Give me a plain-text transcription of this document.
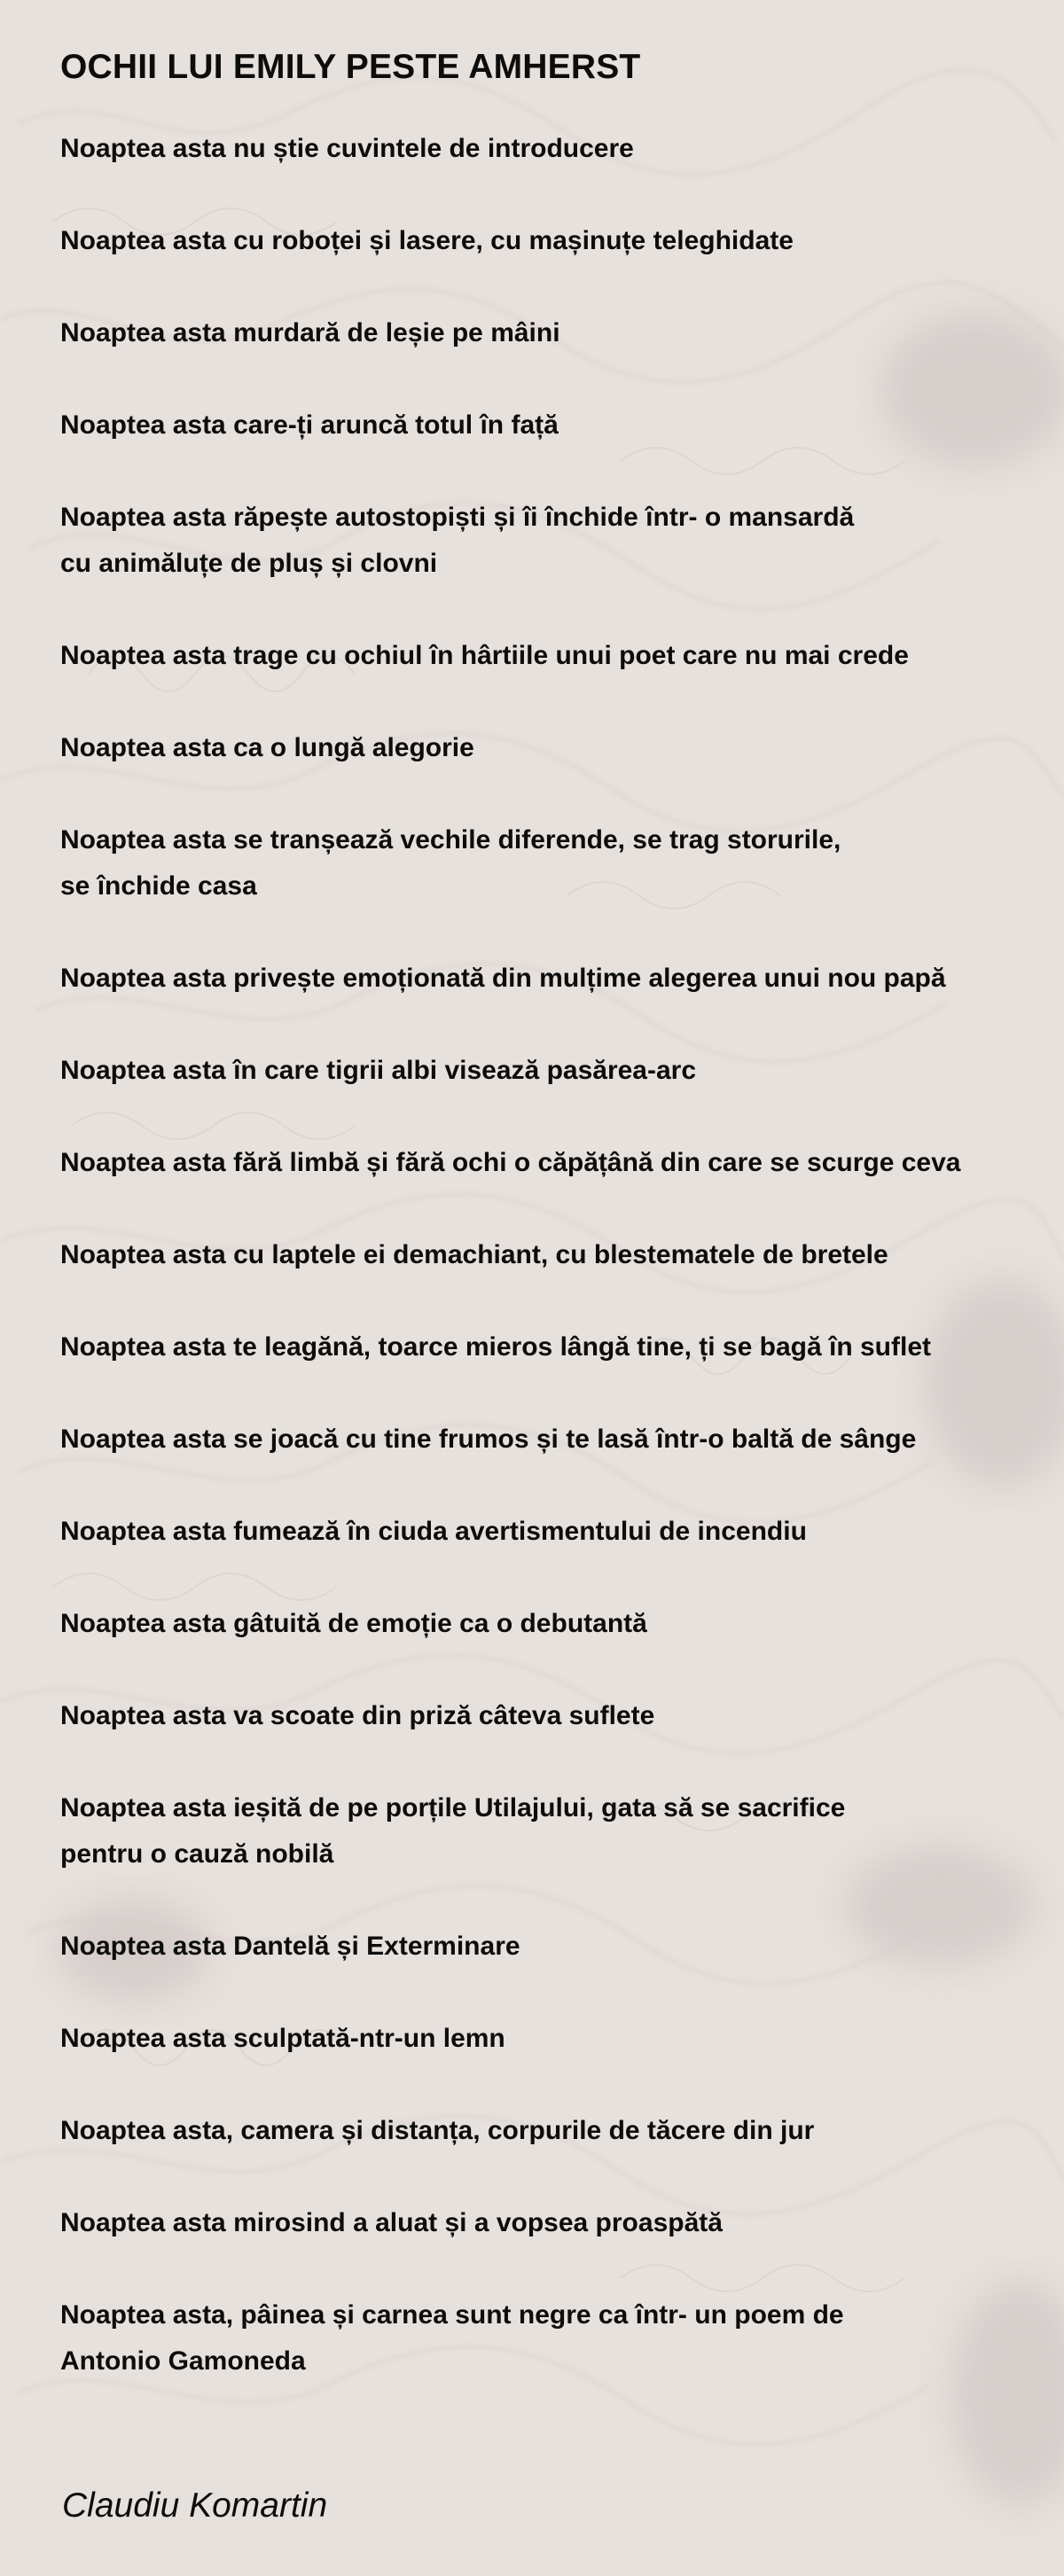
OCHII LUI EMILY PESTE AMHERST
Noaptea asta nu știe cuvintele de introducere
Noaptea asta cu roboței și lasere, cu mașinuțe teleghidate
Noaptea asta murdară de leșie pe mâini
Noaptea asta care-ți aruncă totul în față
Noaptea asta răpește autostopiști și îi închide într- o mansardă
cu animăluțe de pluș și clovni
Noaptea asta trage cu ochiul în hârtiile unui poet care nu mai crede
Noaptea asta ca o lungă alegorie
Noaptea asta se tranșează vechile diferende, se trag storurile,
se închide casa
Noaptea asta privește emoționată din mulțime alegerea unui nou papă
Noaptea asta în care tigrii albi visează pasărea-arc
Noaptea asta fără limbă și fără ochi o căpățână din care se scurge ceva
Noaptea asta cu laptele ei demachiant, cu blestematele de bretele
Noaptea asta te leagănă, toarce mieros lângă tine, ți se bagă în suflet
Noaptea asta se joacă cu tine frumos și te lasă într-o baltă de sânge
Noaptea asta fumează în ciuda avertismentului de incendiu
Noaptea asta gâtuită de emoție ca o debutantă
Noaptea asta va scoate din priză câteva suflete
Noaptea asta ieșită de pe porțile Utilajului, gata să se sacrifice
pentru o cauză nobilă
Noaptea asta Dantelă și Exterminare
Noaptea asta sculptată-ntr-un lemn
Noaptea asta, camera și distanța, corpurile de tăcere din jur
Noaptea asta mirosind a aluat și a vopsea proaspătă
Noaptea asta, pâinea și carnea sunt negre ca într- un poem de
Antonio Gamoneda
Claudiu Komartin
